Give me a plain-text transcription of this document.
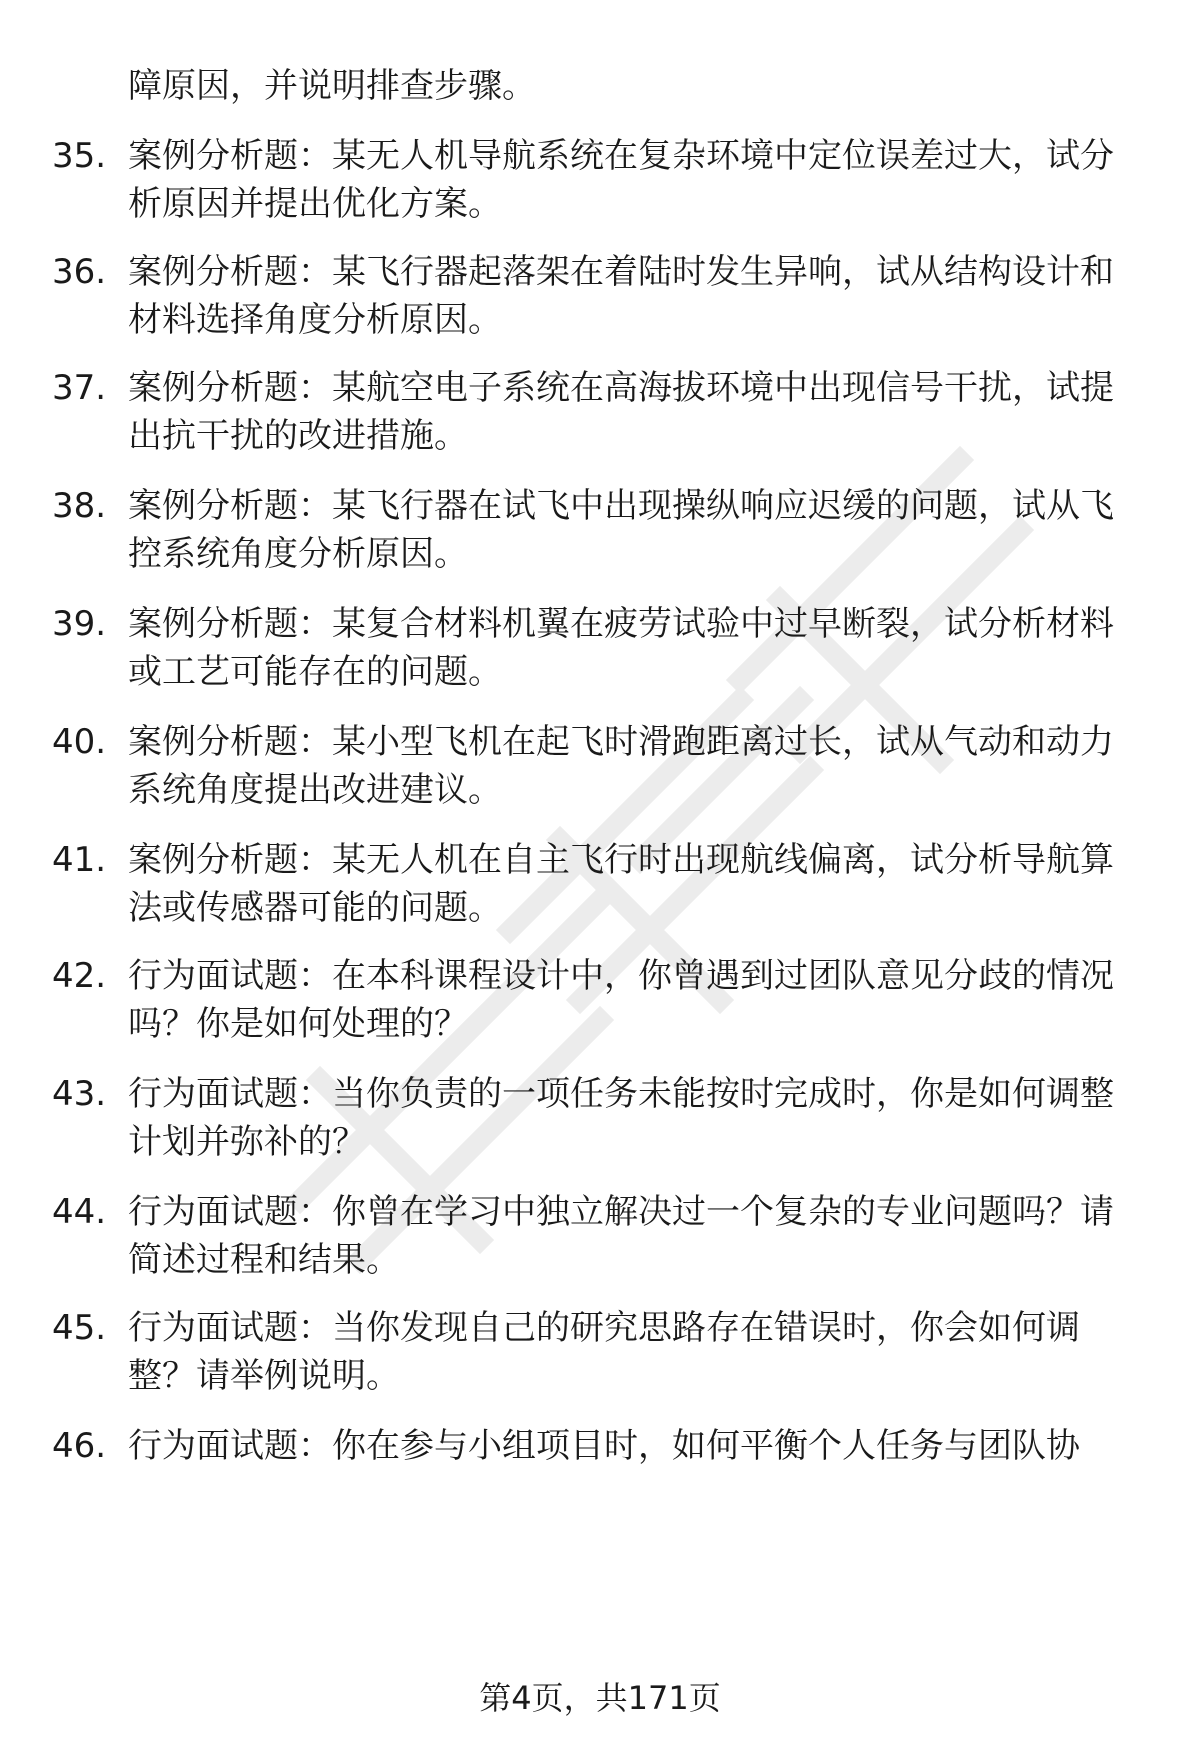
障原因，并说明排查步骤。
35. 案例分析题：某无人机导航系统在复杂环境中定位误差过大，试分析原因并提出优化方案。
36. 案例分析题：某飞行器起落架在着陆时发生异响，试从结构设计和材料选择角度分析原因。
37. 案例分析题：某航空电子系统在高海拔环境中出现信号干扰，试提出抗干扰的改进措施。
38. 案例分析题：某飞行器在试飞中出现操纵响应迟缓的问题，试从飞控系统角度分析原因。
39. 案例分析题：某复合材料机翼在疲劳试验中过早断裂，试分析材料或工艺可能存在的问题。
40. 案例分析题：某小型飞机在起飞时滑跑距离过长，试从气动和动力系统角度提出改进建议。
41. 案例分析题：某无人机在自主飞行时出现航线偏离，试分析导航算法或传感器可能的问题。
42. 行为面试题：在本科课程设计中，你曾遇到过团队意见分歧的情况吗？你是如何处理的？
43. 行为面试题：当你负责的一项任务未能按时完成时，你是如何调整计划并弥补的？
44. 行为面试题：你曾在学习中独立解决过一个复杂的专业问题吗？请简述过程和结果。
45. 行为面试题：当你发现自己的研究思路存在错误时，你会如何调整？请举例说明。
46. 行为面试题：你在参与小组项目时，如何平衡个人任务与团队协
第4页，共171页
